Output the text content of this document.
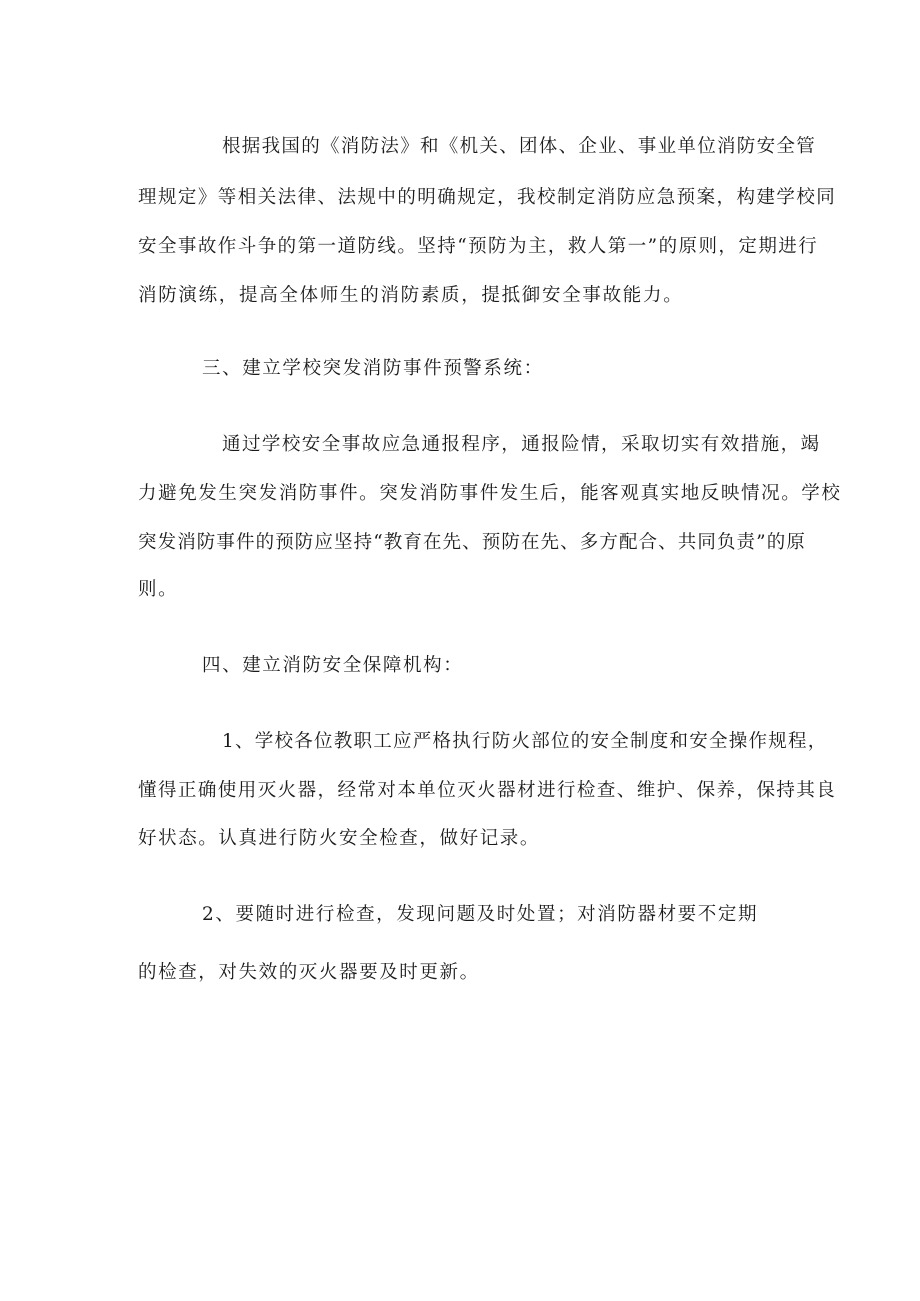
根据我国的《消防法》和《机关、团体、企业、事业单位消防安全管
理规定》等相关法律、法规中的明确规定，我校制定消防应急预案，构建学校同
安全事故作斗争的第一道防线。坚持“预防为主，救人第一”的原则，定期进行
消防演练，提高全体师生的消防素质，提抵御安全事故能力。
三、建立学校突发消防事件预警系统：
通过学校安全事故应急通报程序，通报险情，采取切实有效措施，竭
力避免发生突发消防事件。突发消防事件发生后，能客观真实地反映情况。学校
突发消防事件的预防应坚持“教育在先、预防在先、多方配合、共同负责”的原
则。
四、建立消防安全保障机构：
1、学校各位教职工应严格执行防火部位的安全制度和安全操作规程，
懂得正确使用灭火器，经常对本单位灭火器材进行检查、维护、保养，保持其良
好状态。认真进行防火安全检查，做好记录。
2、要随时进行检查，发现问题及时处置；对消防器材要不定期
的检查，对失效的灭火器要及时更新。
